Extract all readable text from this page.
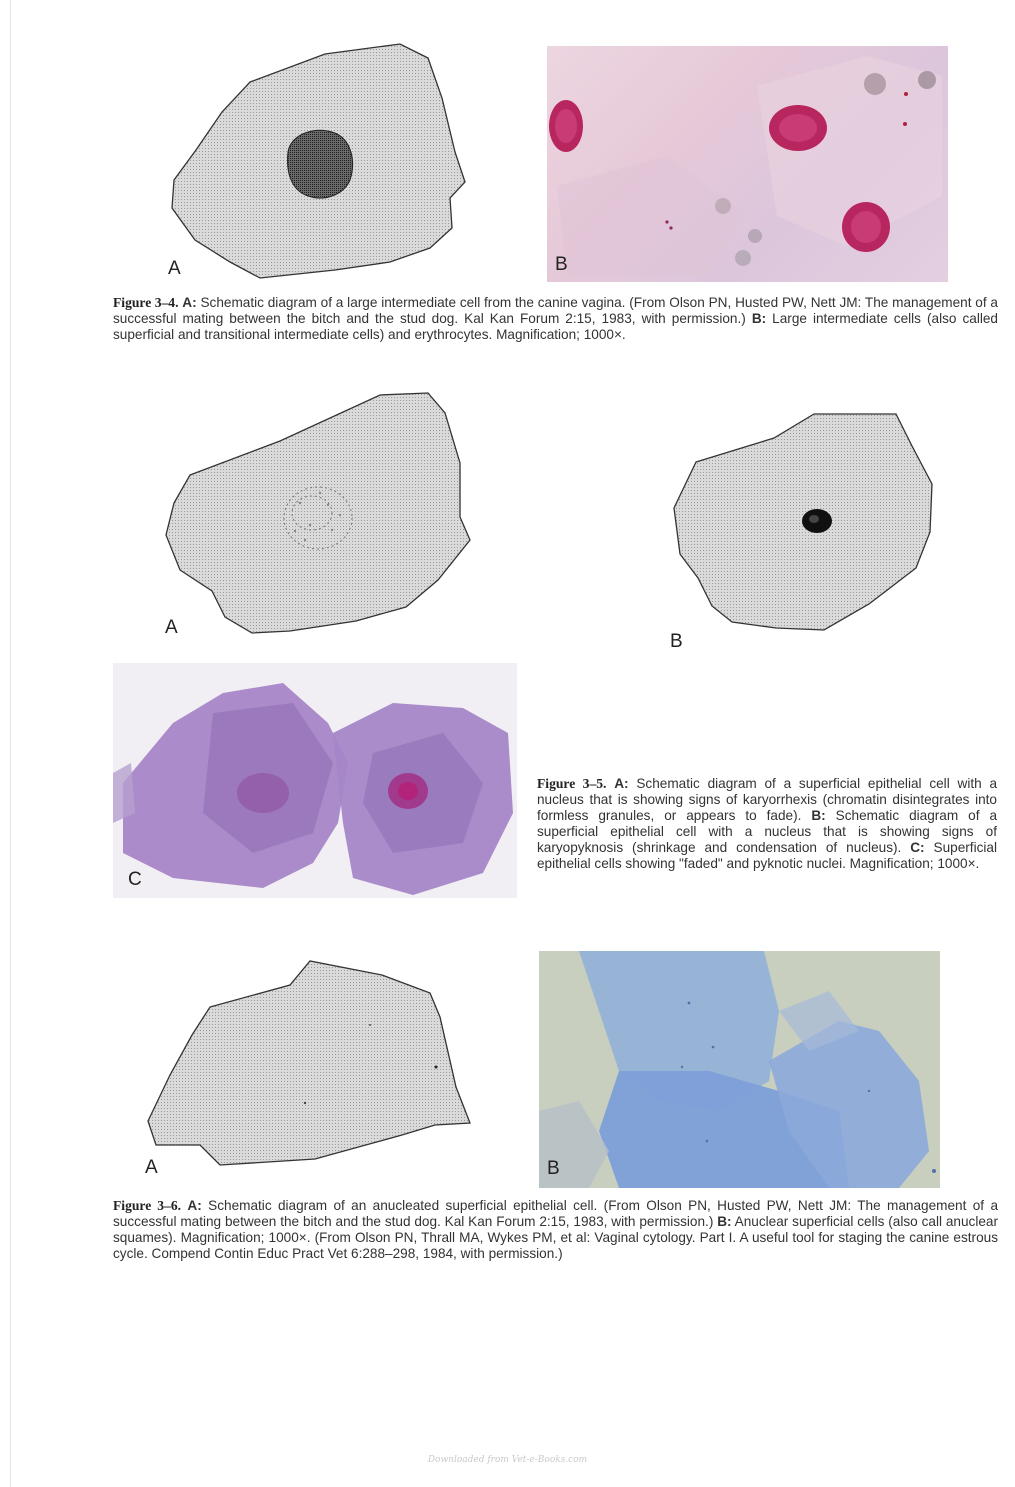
A	B

Figure 3–4. A: Schematic diagram of a large intermediate cell from the canine vagina. (From Olson PN, Husted PW, Nett JM: The management of a successful mating between the bitch and the stud dog. Kal Kan Forum 2:15, 1983, with permission.) B: Large intermediate cells (also called superficial and transitional intermediate cells) and erythrocytes. Magnification; 1000×.

A
B
C

Figure 3–5. A: Schematic diagram of a superficial epithelial cell with a nucleus that is showing signs of karyorrhexis (chromatin disintegrates into formless granules, or appears to fade). B: Schematic diagram of a superficial epithelial cell with a nucleus that is showing signs of karyopyknosis (shrinkage and condensation of nucleus). C: Superficial epithelial cells showing "faded" and pyknotic nuclei. Magnification; 1000×.

A	B

Figure 3–6. A: Schematic diagram of an anucleated superficial epithelial cell. (From Olson PN, Husted PW, Nett JM: The management of a successful mating between the bitch and the stud dog. Kal Kan Forum 2:15, 1983, with permission.) B: Anuclear superficial cells (also call anuclear squames). Magnification; 1000×. (From Olson PN, Thrall MA, Wykes PM, et al: Vaginal cytology. Part I. A useful tool for staging the canine estrous cycle. Compend Contin Educ Pract Vet 6:288–298, 1984, with permission.)

Downloaded from Vet-e-Books.com
